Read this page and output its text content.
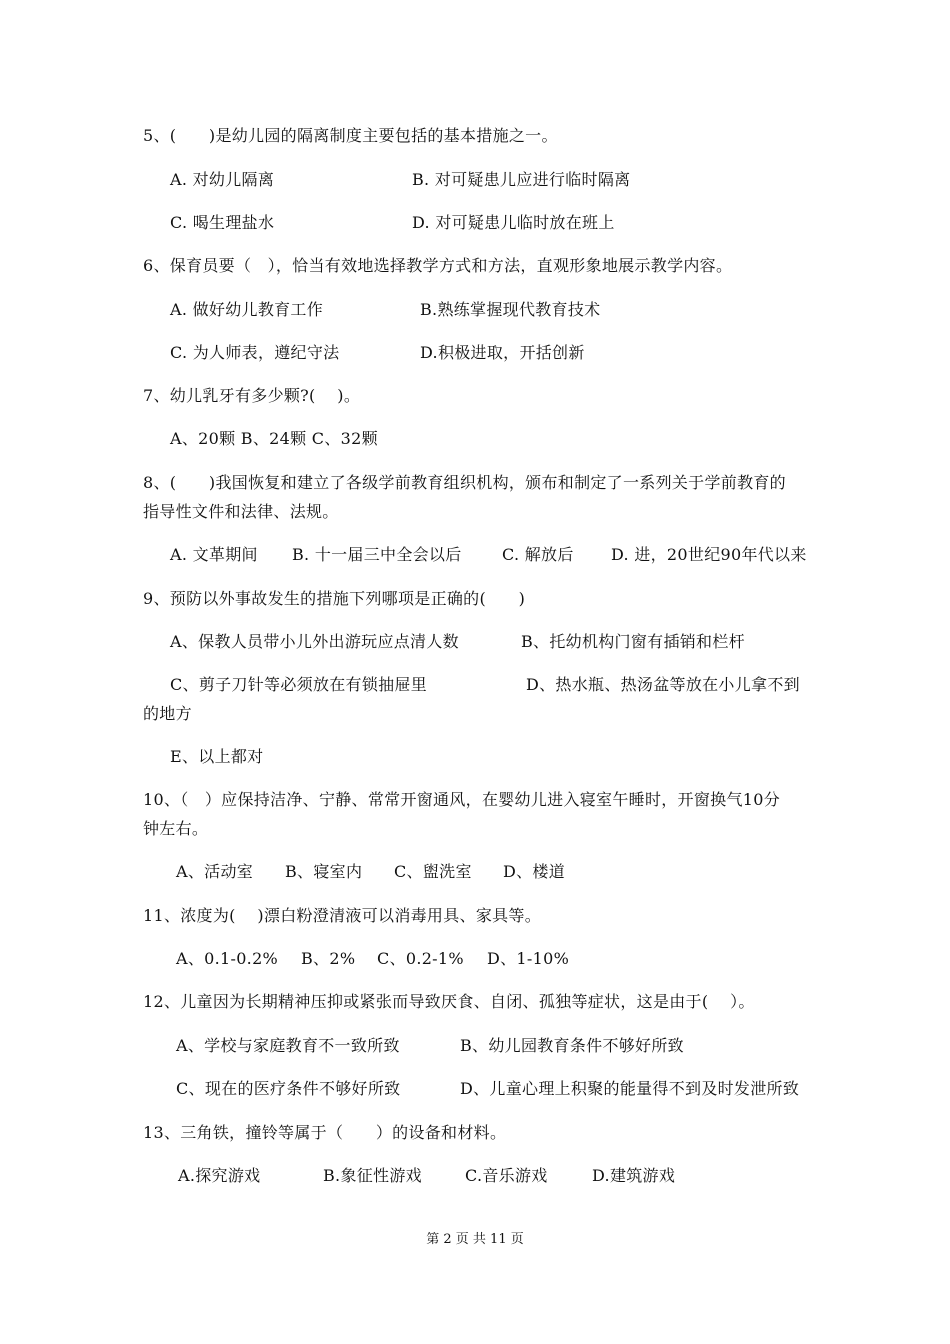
5、(　　)是幼儿园的隔离制度主要包括的基本措施之一。
A. 对幼儿隔离	B. 对可疑患儿应进行临时隔离
C. 喝生理盐水	D. 对可疑患儿临时放在班上
6、保育员要（　），恰当有效地选择教学方式和方法，直观形象地展示教学内容。
A. 做好幼儿教育工作	B.熟练掌握现代教育技术
C. 为人师表，遵纪守法	D.积极进取，开括创新
7、幼儿乳牙有多少颗?(　 )。
A、20颗 B、24颗 C、32颗
8、(　　)我国恢复和建立了各级学前教育组织机构，颁布和制定了一系列关于学前教育的
指导性文件和法律、法规。
A. 文革期间 B. 十一届三中全会以后	C. 解放后 D. 进，20世纪90年代以来
9、预防以外事故发生的措施下列哪项是正确的(　　)
A、保教人员带小儿外出游玩应点清人数	B、托幼机构门窗有插销和栏杆
C、剪子刀针等必须放在有锁抽屉里	D、热水瓶、热汤盆等放在小儿拿不到
的地方
E、以上都对
10、（　）应保持洁净、宁静、常常开窗通风，在婴幼儿进入寝室午睡时，开窗换气10分
钟左右。
A、活动室 B、寝室内 C、盥洗室 D、楼道
11、浓度为(　 )漂白粉澄清液可以消毒用具、家具等。
A、0.1-0.2% B、2% C、0.2-1% D、1-10%
12、儿童因为长期精神压抑或紧张而导致厌食、自闭、孤独等症状，这是由于(　 ）。
A、学校与家庭教育不一致所致	B、幼儿园教育条件不够好所致
C、现在的医疗条件不够好所致	D、儿童心理上积聚的能量得不到及时发泄所致
13、三角铁，撞铃等属于（　　）的设备和材料。
A.探究游戏	B.象征性游戏	C.音乐游戏	D.建筑游戏
第 2 页 共 11 页
